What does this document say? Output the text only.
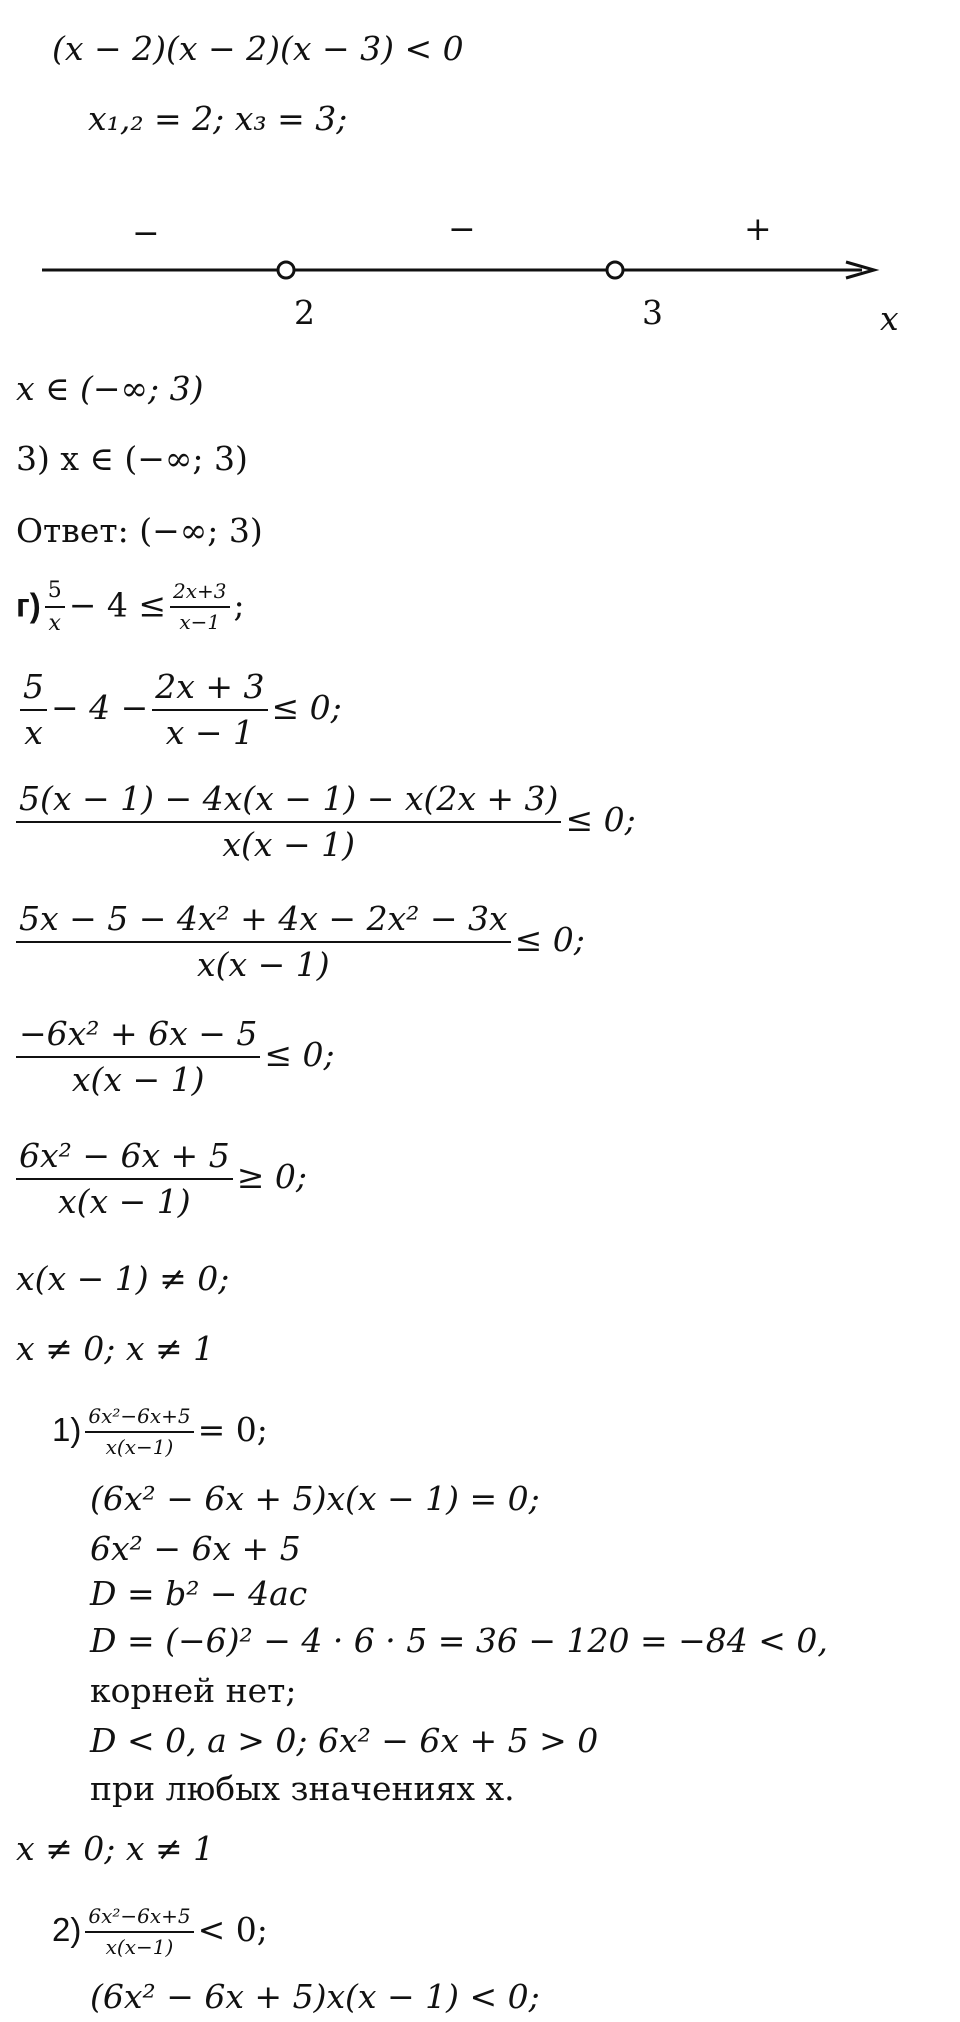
(x − 2)(x − 2)(x − 3) < 0
x₁,₂ = 2; x₃ = 3;
−	−	+
2	3	x
x ∈ (−∞; 3)
3) x ∈ (−∞; 3)
Ответ: (−∞; 3)
$г) \frac{5}{x} - 4 \le \frac{2x+3}{x-1}$ ;
$\frac{5}{x} - 4 - \frac{2x + 3}{x - 1} \le 0$;
$\frac{5(x - 1) - 4x(x - 1) - x(2x + 3)}{x(x - 1)} \le 0$;
$\frac{\text{5x − 5 − 4x² + 4x − 2x² − 3x}}{x(x - 1)} \le 0$;
$\frac{\text{−6x² + 6x − 5}}{x(x - 1)} \le 0$;
$\frac{\text{6x² − 6x + 5}}{x(x - 1)} \ge 0$;
x(x − 1) ≠ 0;
x ≠ 0; x ≠ 1
$1) \frac{\text{6x²−6x+5}}{x(x-1)} = 0$;
(6x² − 6x + 5)x(x − 1) = 0;
6x² − 6x + 5
D = b² − 4ac
D = (−6)² − 4 · 6 · 5 = 36 − 120 = −84 < 0,
корней нет;
D < 0, a > 0; 6x² − 6x + 5 > 0
при любых значениях x.
x ≠ 0; x ≠ 1
$2) \frac{\text{6x²−6x+5}}{x(x-1)} < 0$;
(6x² − 6x + 5)x(x − 1) < 0;
